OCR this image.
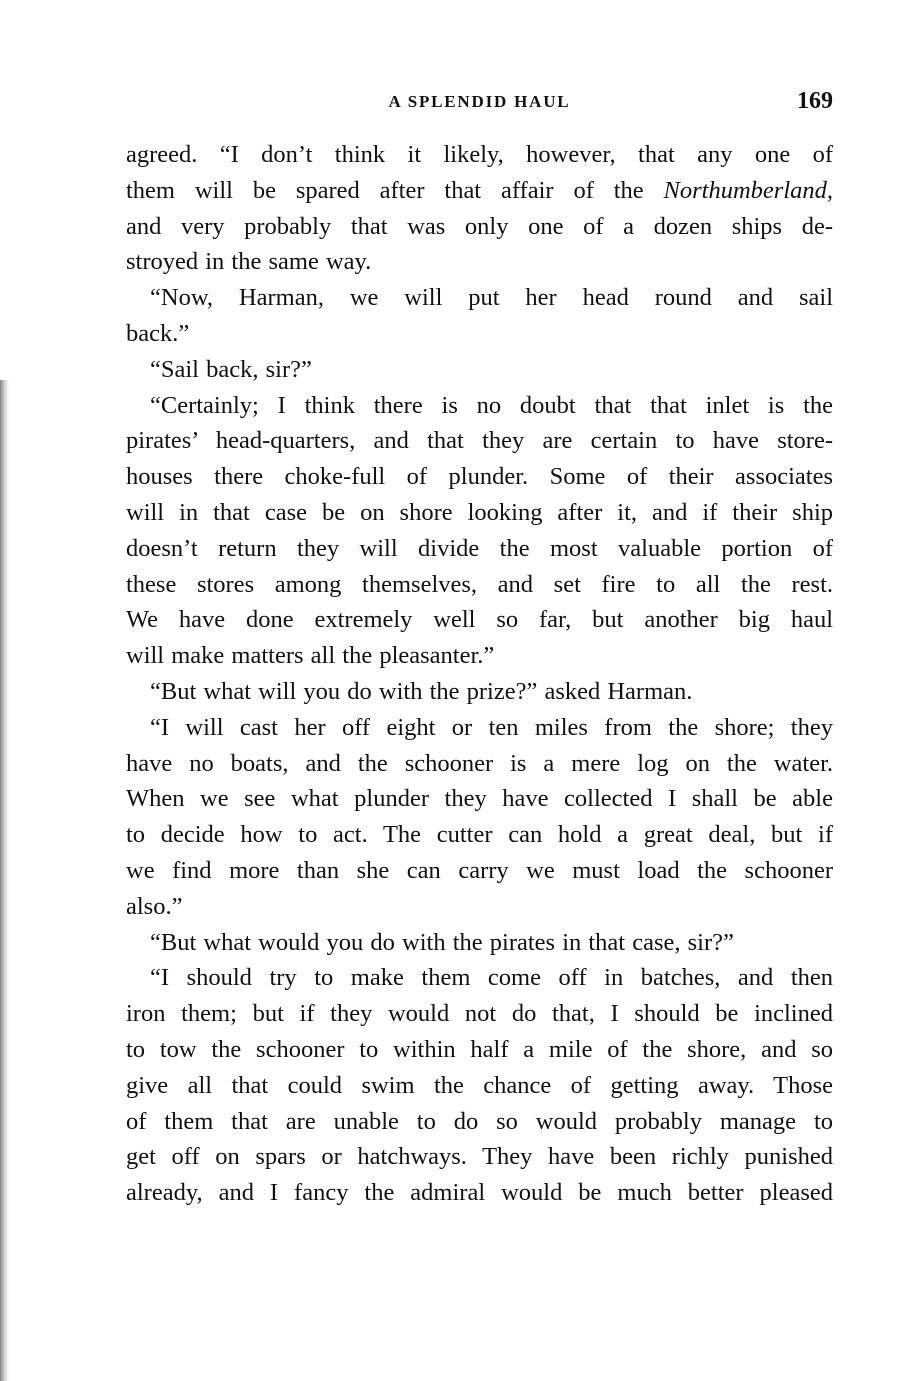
A SPLENDID HAUL	169
agreed. “I don’t think it likely, however, that any one of
them will be spared after that affair of the Northumberland,
and very probably that was only one of a dozen ships de-
stroyed in the same way.
“Now, Harman, we will put her head round and sail
back.”
“Sail back, sir?”
“Certainly; I think there is no doubt that that inlet is the
pirates’ head-quarters, and that they are certain to have store-
houses there choke-full of plunder. Some of their associates
will in that case be on shore looking after it, and if their ship
doesn’t return they will divide the most valuable portion of
these stores among themselves, and set fire to all the rest.
We have done extremely well so far, but another big haul
will make matters all the pleasanter.”
“But what will you do with the prize?” asked Harman.
“I will cast her off eight or ten miles from the shore; they
have no boats, and the schooner is a mere log on the water.
When we see what plunder they have collected I shall be able
to decide how to act. The cutter can hold a great deal, but if
we find more than she can carry we must load the schooner
also.”
“But what would you do with the pirates in that case, sir?”
“I should try to make them come off in batches, and then
iron them; but if they would not do that, I should be inclined
to tow the schooner to within half a mile of the shore, and so
give all that could swim the chance of getting away. Those
of them that are unable to do so would probably manage to
get off on spars or hatchways. They have been richly punished
already, and I fancy the admiral would be much better pleased
